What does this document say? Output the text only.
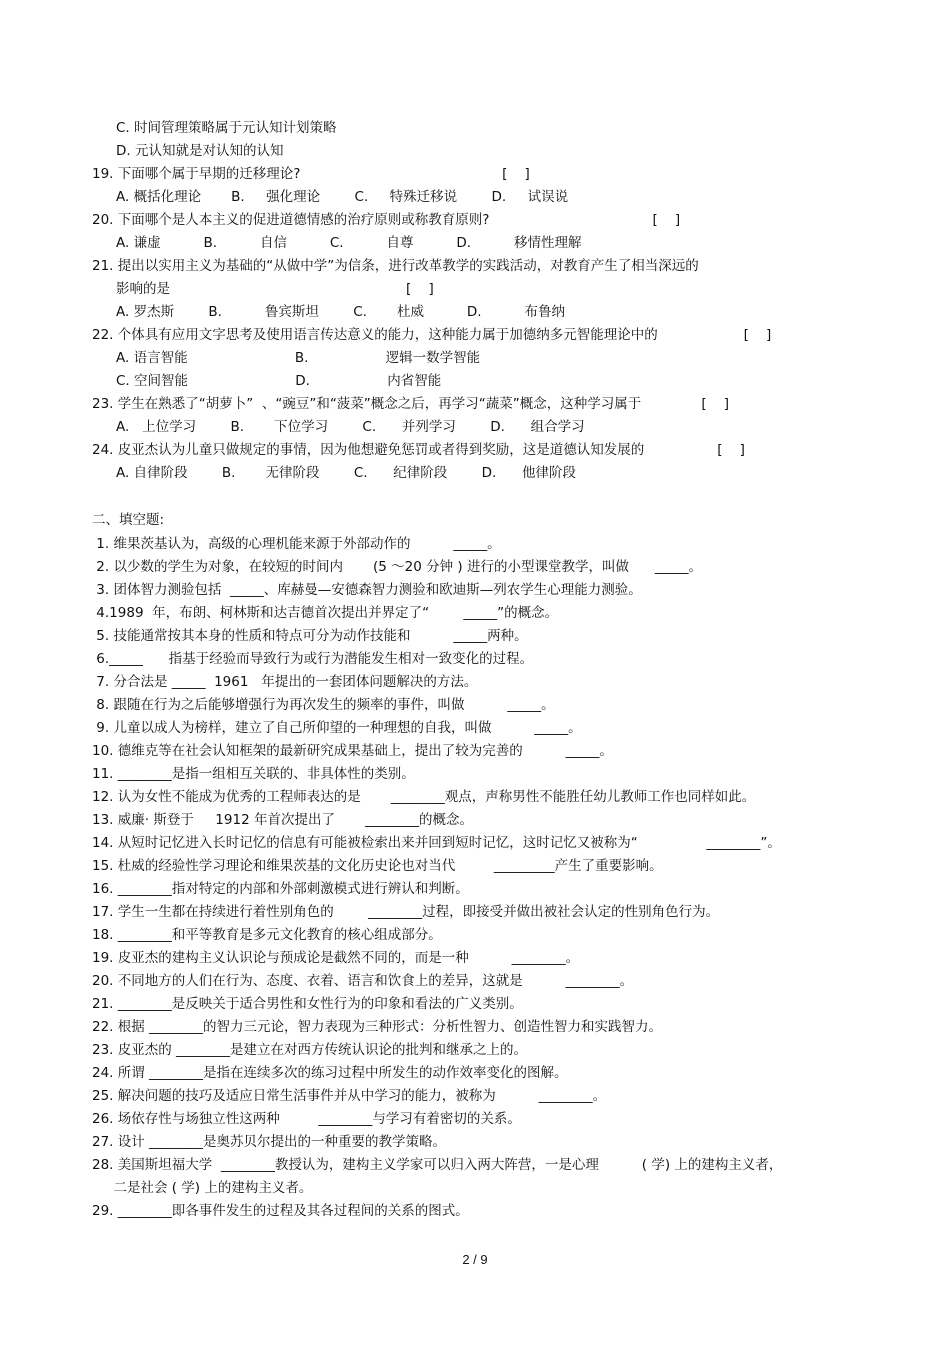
C. 时间管理策略属于元认知计划策略
D. 元认知就是对认知的认知
19. 下面哪个属于早期的迁移理论?                                               [    ]
A. 概括化理论       B.     强化理论        C.     特殊迁移说        D.     试误说
20. 下面哪个是人本主义的促进道德情感的治疗原则或称教育原则?                                      [    ]
A. 谦虚          B.          自信          C.          自尊          D.          移情性理解
21. 提出以实用主义为基础的“从做中学”为信条，进行改革教学的实践活动，对教育产生了相当深远的
影响的是                                                       [    ]
A. 罗杰斯        B.          鲁宾斯坦        C.       杜威          D.          布鲁纳
22. 个体具有应用文字思考及使用语言传达意义的能力，这种能力属于加德纳多元智能理论中的                    [    ]
A. 语言智能                         B.                  逻辑一数学智能
C. 空间智能                         D.                  内省智能
23. 学生在熟悉了“胡萝卜”  、“豌豆”和“菠菜”概念之后，再学习“蔬菜”概念，这种学习属于              [    ]
A.   上位学习        B.       下位学习        C.      并列学习        D.      组合学习
24. 皮亚杰认为儿童只做规定的事情，因为他想避免惩罚或者得到奖励，这是道德认知发展的                 [    ]
A. 自律阶段        B.       无律阶段        C.      纪律阶段        D.      他律阶段
二、填空题:
1. 维果茨基认为，高级的心理机能来源于外部动作的          _____。
2. 以少数的学生为对象，在较短的时间内       (5 ～20 分钟 ) 进行的小型课堂教学，叫做      _____。
3. 团体智力测验包括  _____、库赫曼—安德森智力测验和欧迪斯—列农学生心理能力测验。
4.1989  年，布朗、柯林斯和达吉德首次提出并界定了“        _____”的概念。
5. 技能通常按其本身的性质和特点可分为动作技能和          _____两种。
6._____      指基于经验而导致行为或行为潜能发生相对一致变化的过程。
7. 分合法是 _____  1961   年提出的一套团体问题解决的方法。
8. 跟随在行为之后能够增强行为再次发生的频率的事件，叫做          _____。
9. 儿童以成人为榜样，建立了自己所仰望的一种理想的自我，叫做          _____。
10. 德维克等在社会认知框架的最新研究成果基础上，提出了较为完善的          _____。
11. ________是指一组相互关联的、非具体性的类别。
12. 认为女性不能成为优秀的工程师表达的是       ________观点，声称男性不能胜任幼儿教师工作也同样如此。
13. 威廉· 斯登于     1912 年首次提出了       ________的概念。
14. 从短时记忆进入长时记忆的信息有可能被检索出来并回到短时记忆，这时记忆又被称为“                ________”。
15. 杜威的经验性学习理论和维果茨基的文化历史论也对当代         _________产生了重要影响。
16. ________指对特定的内部和外部刺激模式进行辨认和判断。
17. 学生一生都在持续进行着性别角色的        ________过程，即接受并做出被社会认定的性别角色行为。
18. ________和平等教育是多元文化教育的核心组成部分。
19. 皮亚杰的建构主义认识论与预成论是截然不同的，而是一种          ________。
20. 不同地方的人们在行为、态度、衣着、语言和饮食上的差异，这就是          ________。
21. ________是反映关于适合男性和女性行为的印象和看法的广义类别。
22. 根据 ________的智力三元论，智力表现为三种形式：分析性智力、创造性智力和实践智力。
23. 皮亚杰的 ________是建立在对西方传统认识论的批判和继承之上的。
24. 所谓 ________是指在连续多次的练习过程中所发生的动作效率变化的图解。
25. 解决问题的技巧及适应日常生活事件并从中学习的能力，被称为          ________。
26. 场依存性与场独立性这两种         ________与学习有着密切的关系。
27. 设计 ________是奥苏贝尔提出的一种重要的教学策略。
28. 美国斯坦福大学  ________教授认为，建构主义学家可以归入两大阵营，一是心理          ( 学) 上的建构主义者，
二是社会 ( 学) 上的建构主义者。
29. ________即各事件发生的过程及其各过程间的关系的图式。
2 / 9
